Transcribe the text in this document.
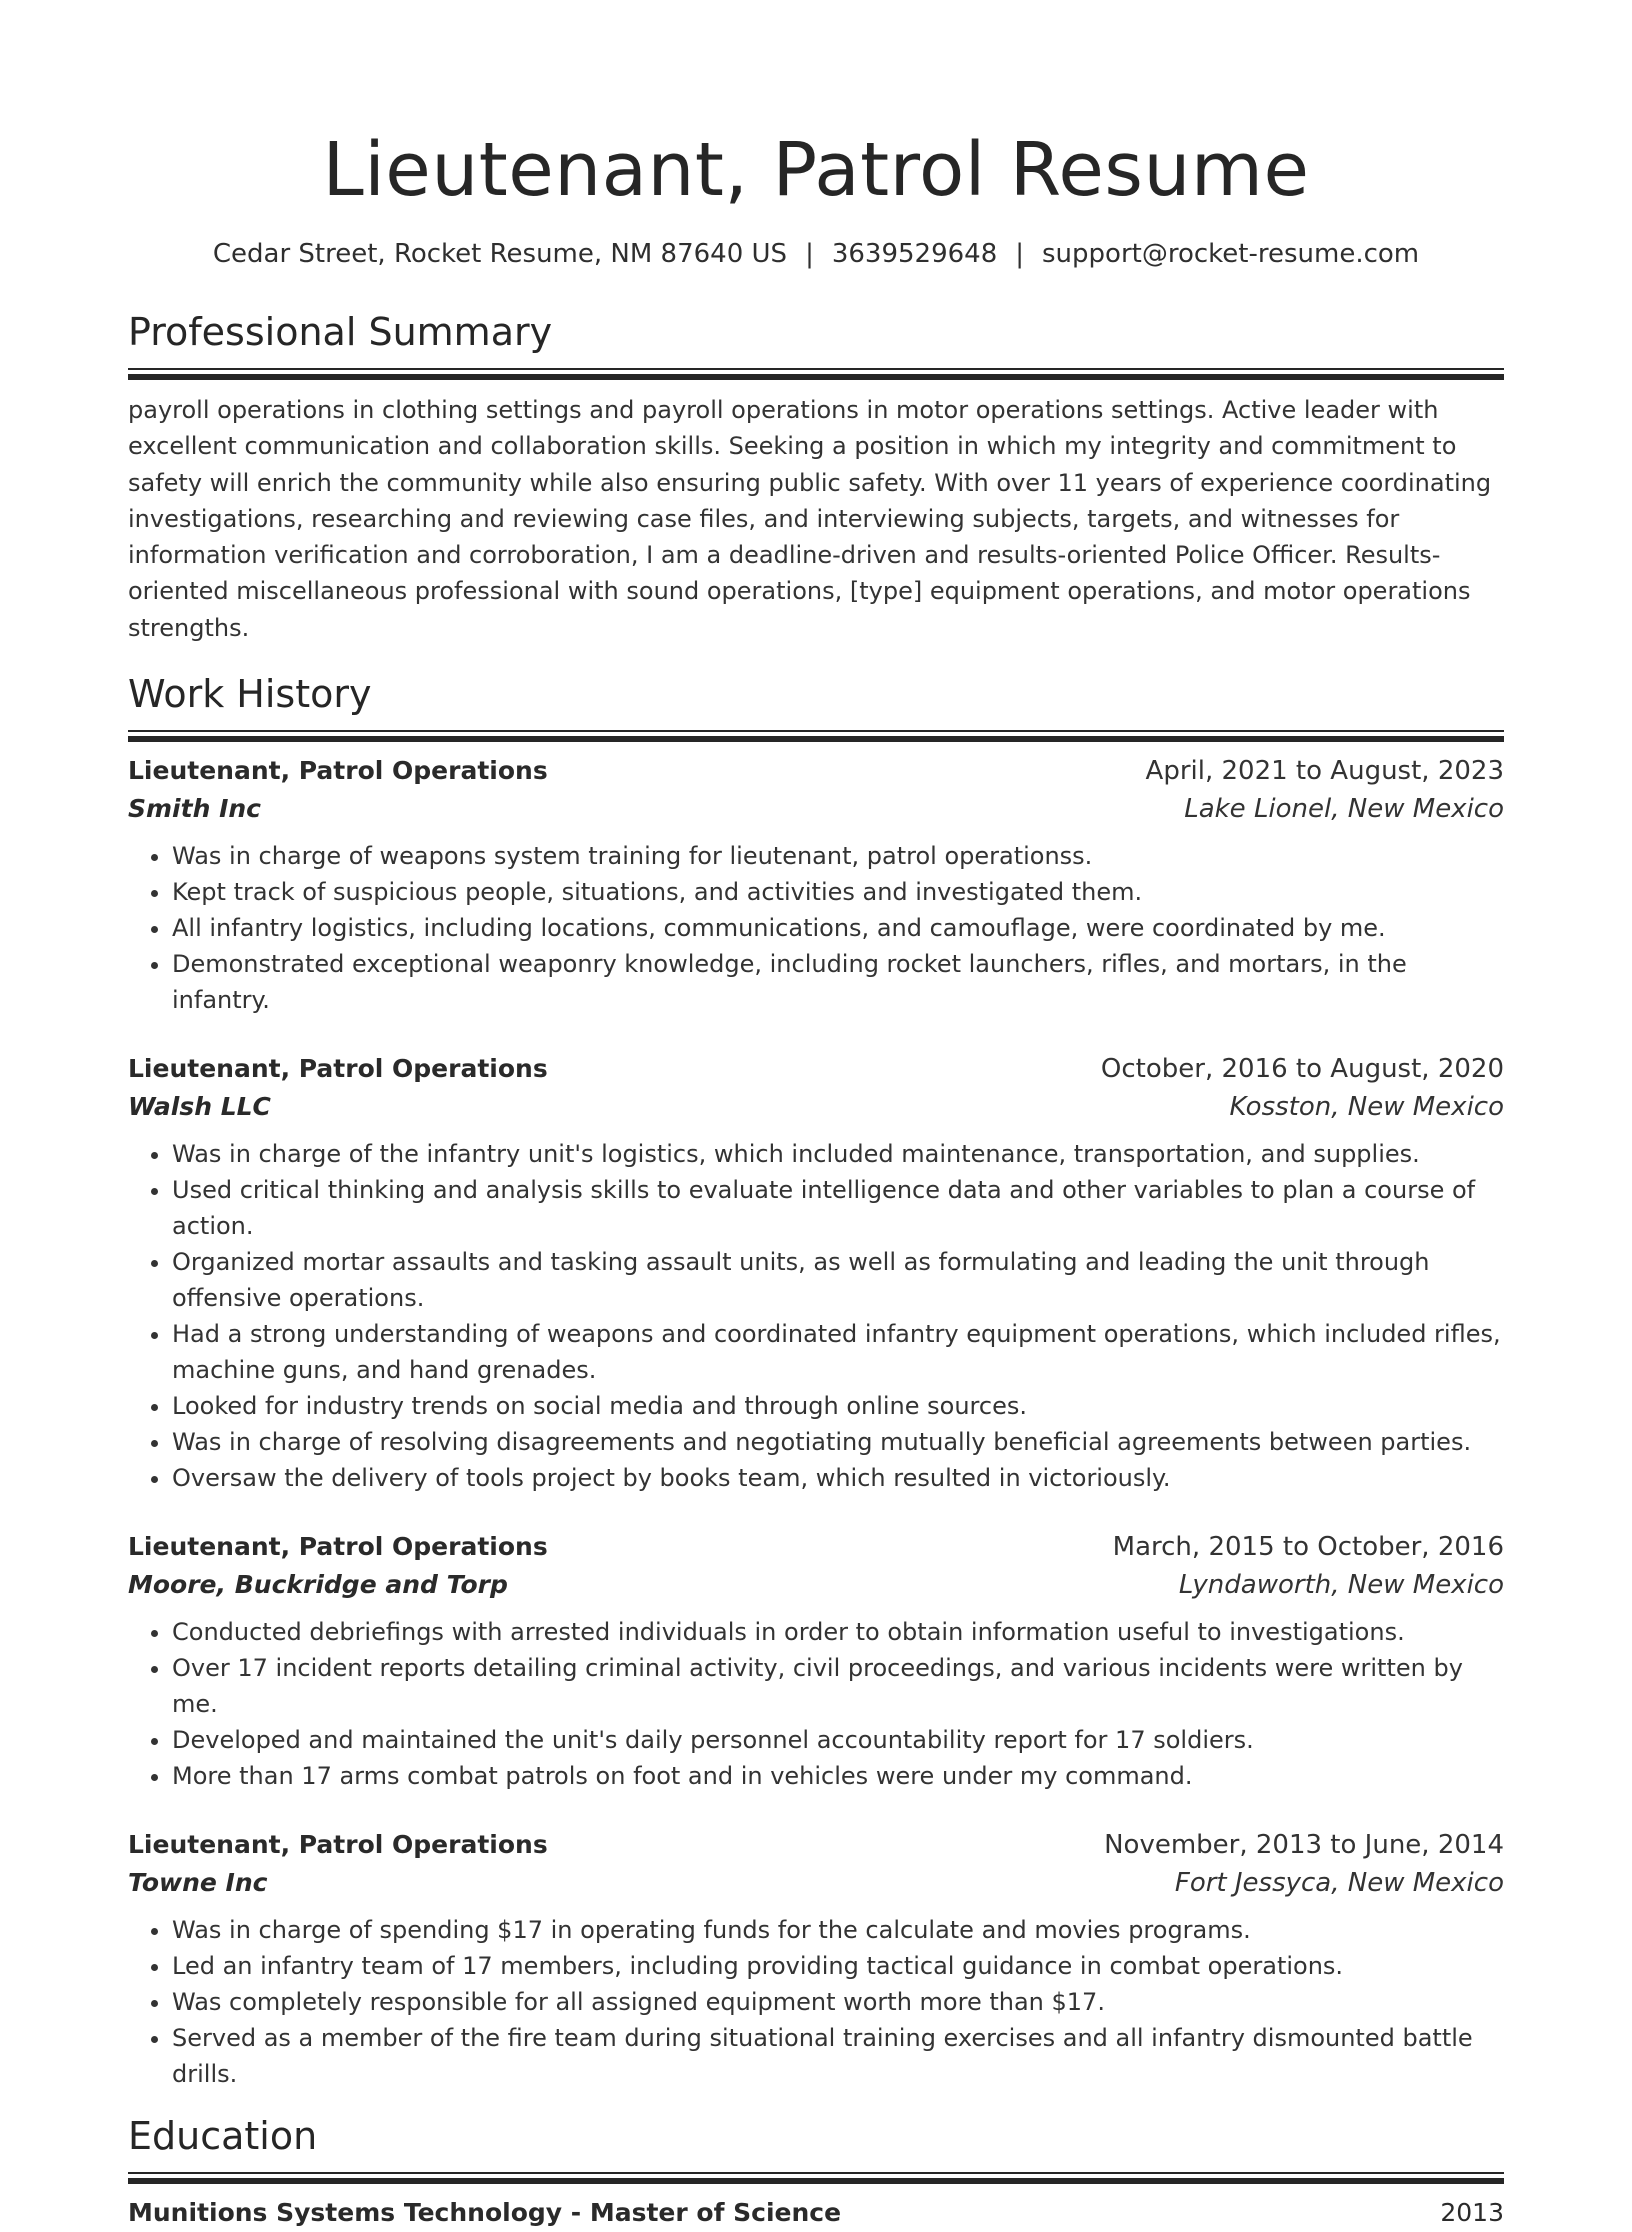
Lieutenant, Patrol Resume
Cedar Street, Rocket Resume, NM 87640 US | 3639529648 | support@rocket-resume.com
Professional Summary

payroll operations in clothing settings and payroll operations in motor operations settings. Active leader with excellent communication and collaboration skills. Seeking a position in which my integrity and commitment to safety will enrich the community while also ensuring public safety. With over 11 years of experience coordinating investigations, researching and reviewing case files, and interviewing subjects, targets, and witnesses for information verification and corroboration, I am a deadline-driven and results-oriented Police Officer. Results-oriented miscellaneous professional with sound operations, [type] equipment operations, and motor operations strengths.

Work History
Lieutenant, Patrol Operations	April, 2021 to August, 2023
Smith Inc	Lake Lionel, New Mexico
• Was in charge of weapons system training for lieutenant, patrol operationss.
• Kept track of suspicious people, situations, and activities and investigated them.
• All infantry logistics, including locations, communications, and camouflage, were coordinated by me.
• Demonstrated exceptional weaponry knowledge, including rocket launchers, rifles, and mortars, in the infantry.
Lieutenant, Patrol Operations	October, 2016 to August, 2020
Walsh LLC	Kosston, New Mexico
• Was in charge of the infantry unit's logistics, which included maintenance, transportation, and supplies.
• Used critical thinking and analysis skills to evaluate intelligence data and other variables to plan a course of action.
• Organized mortar assaults and tasking assault units, as well as formulating and leading the unit through offensive operations.
• Had a strong understanding of weapons and coordinated infantry equipment operations, which included rifles, machine guns, and hand grenades.
• Looked for industry trends on social media and through online sources.
• Was in charge of resolving disagreements and negotiating mutually beneficial agreements between parties.
• Oversaw the delivery of tools project by books team, which resulted in victoriously.
Lieutenant, Patrol Operations	March, 2015 to October, 2016
Moore, Buckridge and Torp	Lyndaworth, New Mexico
• Conducted debriefings with arrested individuals in order to obtain information useful to investigations.
• Over 17 incident reports detailing criminal activity, civil proceedings, and various incidents were written by me.
• Developed and maintained the unit's daily personnel accountability report for 17 soldiers.
• More than 17 arms combat patrols on foot and in vehicles were under my command.
Lieutenant, Patrol Operations	November, 2013 to June, 2014
Towne Inc	Fort Jessyca, New Mexico
• Was in charge of spending $17 in operating funds for the calculate and movies programs.
• Led an infantry team of 17 members, including providing tactical guidance in combat operations.
• Was completely responsible for all assigned equipment worth more than $17.
• Served as a member of the fire team during situational training exercises and all infantry dismounted battle drills.
Education
Munitions Systems Technology - Master of Science	2013
